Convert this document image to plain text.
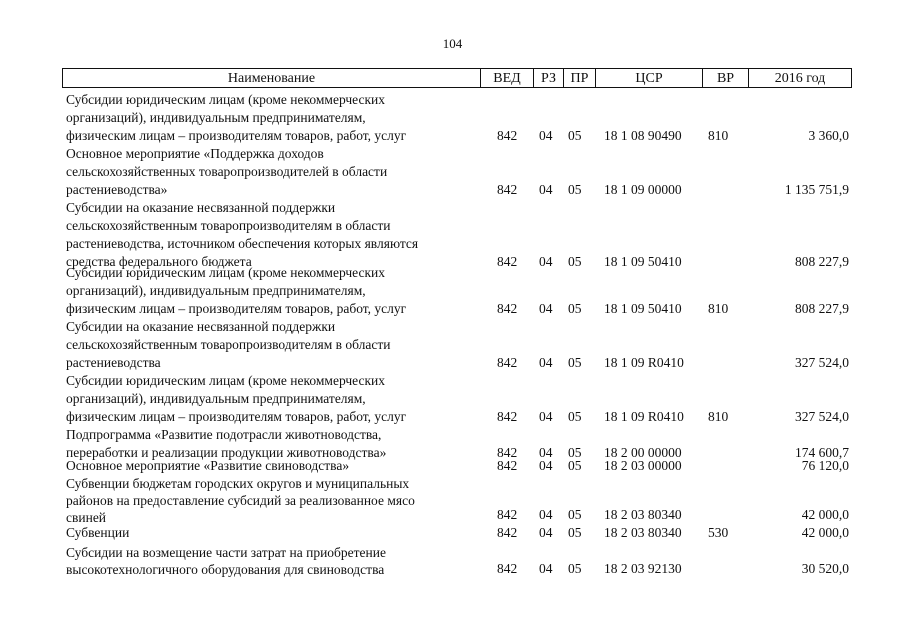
104
Наименование	ВЕД	РЗ	ПР	ЦСР	ВР	2016 год
Субсидии юридическим лицам (кроме некоммерческих
организаций), индивидуальным предпринимателям,
физическим лицам – производителям товаров, работ, услуг	842 04 05 18 1 08 90490 810	3 360,0
Основное мероприятие «Поддержка доходов
сельскохозяйственных товаропроизводителей в области
растениеводства»	842 04 05 18 1 09 00000	1 135 751,9
Субсидии на оказание несвязанной поддержки
сельскохозяйственным товаропроизводителям в области
растениеводства, источником обеспечения которых являются
средства федерального бюджета	842 04 05 18 1 09 50410	808 227,9
Субсидии юридическим лицам (кроме некоммерческих
организаций), индивидуальным предпринимателям,
физическим лицам – производителям товаров, работ, услуг	842 04 05 18 1 09 50410 810	808 227,9
Субсидии на оказание несвязанной поддержки
сельскохозяйственным товаропроизводителям в области
растениеводства	842 04 05 18 1 09 R0410	327 524,0
Субсидии юридическим лицам (кроме некоммерческих
организаций), индивидуальным предпринимателям,
физическим лицам – производителям товаров, работ, услуг	842 04 05 18 1 09 R0410 810	327 524,0
Подпрограмма «Развитие подотрасли животноводства,
переработки и реализации продукции животноводства»	842 04 05 18 2 00 00000	174 600,7
Основное мероприятие «Развитие свиноводства»	842 04 05 18 2 03 00000	76 120,0
Субвенции бюджетам городских округов и муниципальных
районов на предоставление субсидий за реализованное мясо
свиней	842 04 05 18 2 03 80340	42 000,0
Субвенции	842 04 05 18 2 03 80340 530	42 000,0
Субсидии на возмещение части затрат на приобретение
высокотехнологичного оборудования для свиноводства	842 04 05 18 2 03 92130	30 520,0
